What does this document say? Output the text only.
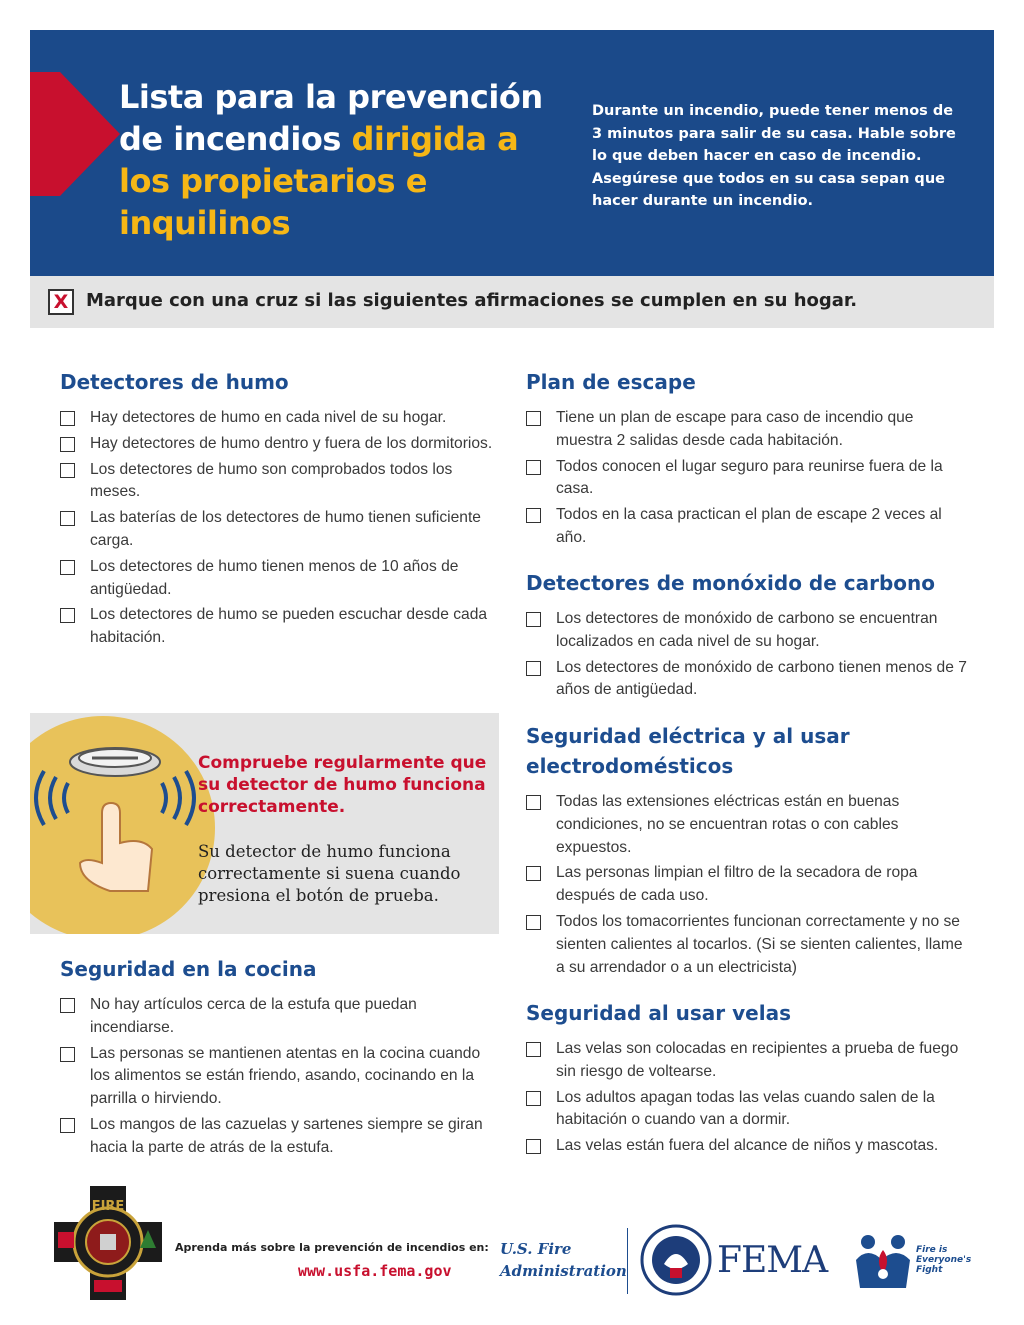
Lista para la prevención de incendios dirigida a los propietarios e inquilinos
Durante un incendio, puede tener menos de 3 minutos para salir de su casa. Hable sobre lo que deben hacer en caso de incendio. Asegúrese que todos en su casa sepan que hacer durante un incendio.
X Marque con una cruz si las siguientes afirmaciones se cumplen en su hogar.
Detectores de humo
Hay detectores de humo en cada nivel de su hogar.
Hay detectores de humo dentro y fuera de los dormitorios.
Los detectores de humo son comprobados todos los meses.
Las baterías de los detectores de humo tienen suficiente carga.
Los detectores de humo tienen menos de 10 años de antigüedad.
Los detectores de humo se pueden escuchar desde cada habitación.
Compruebe regularmente que su detector de humo funciona correctamente.
Su detector de humo funciona correctamente si suena cuando presiona el botón de prueba.
Seguridad en la cocina
No hay artículos cerca de la estufa que puedan incendiarse.
Las personas se mantienen atentas en la cocina cuando los alimentos se están friendo, asando, cocinando en la parrilla o hirviendo.
Los mangos de las cazuelas y sartenes siempre se giran hacia la parte de atrás de la estufa.
Plan de escape
Tiene un plan de escape para caso de incendio que muestra 2 salidas desde cada habitación.
Todos conocen el lugar seguro para reunirse fuera de la casa.
Todos en la casa practican el plan de escape 2 veces al año.
Detectores de monóxido de carbono
Los detectores de monóxido de carbono se encuentran localizados en cada nivel de su hogar.
Los detectores de monóxido de carbono tienen menos de 7 años de antigüedad.
Seguridad eléctrica y al usar electrodomésticos
Todas las extensiones eléctricas están en buenas condiciones, no se encuentran rotas o con cables expuestos.
Las personas limpian el filtro de la secadora de ropa después de cada uso.
Todos los tomacorrientes funcionan correctamente y no se sienten calientes al tocarlos. (Si se sienten calientes, llame a su arrendador o a un electricista)
Seguridad al usar velas
Las velas son colocadas en recipientes a prueba de fuego sin riesgo de voltearse.
Los adultos apagan todas las velas cuando salen de la habitación o cuando van a dormir.
Las velas están fuera del alcance de niños y mascotas.
FIRE
Aprenda más sobre la prevención de incendios en:
www.usfa.fema.gov
U.S. Fire Administration	FEMA	Fire is Everyone's Fight
